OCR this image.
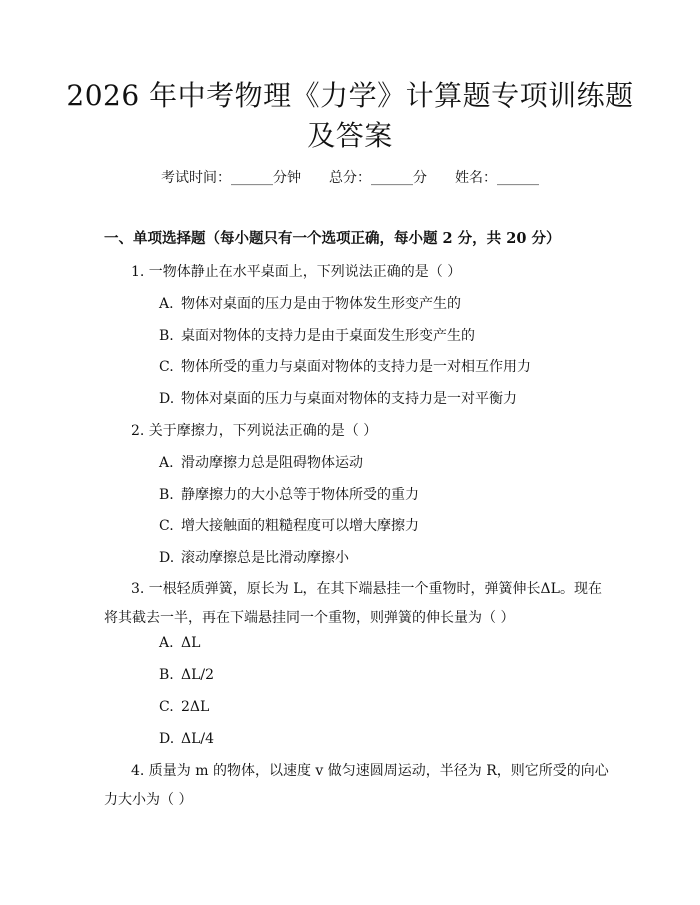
2026 年中考物理《力学》计算题专项训练题
及答案
考试时间：______分钟 总分：______分 姓名：______
一、单项选择题（每小题只有一个选项正确，每小题 2 分，共 20 分）
1. 一物体静止在水平桌面上，下列说法正确的是（ ）
A. 物体对桌面的压力是由于物体发生形变产生的
B. 桌面对物体的支持力是由于桌面发生形变产生的
C. 物体所受的重力与桌面对物体的支持力是一对相互作用力
D. 物体对桌面的压力与桌面对物体的支持力是一对平衡力
2. 关于摩擦力，下列说法正确的是（ ）
A. 滑动摩擦力总是阻碍物体运动
B. 静摩擦力的大小总等于物体所受的重力
C. 增大接触面的粗糙程度可以增大摩擦力
D. 滚动摩擦总是比滑动摩擦小
3. 一根轻质弹簧，原长为 L，在其下端悬挂一个重物时，弹簧伸长ΔL。现在
将其截去一半，再在下端悬挂同一个重物，则弹簧的伸长量为（ ）
A. ΔL
B. ΔL/2
C. 2ΔL
D. ΔL/4
4. 质量为 m 的物体，以速度 v 做匀速圆周运动，半径为 R，则它所受的向心
力大小为（ ）
